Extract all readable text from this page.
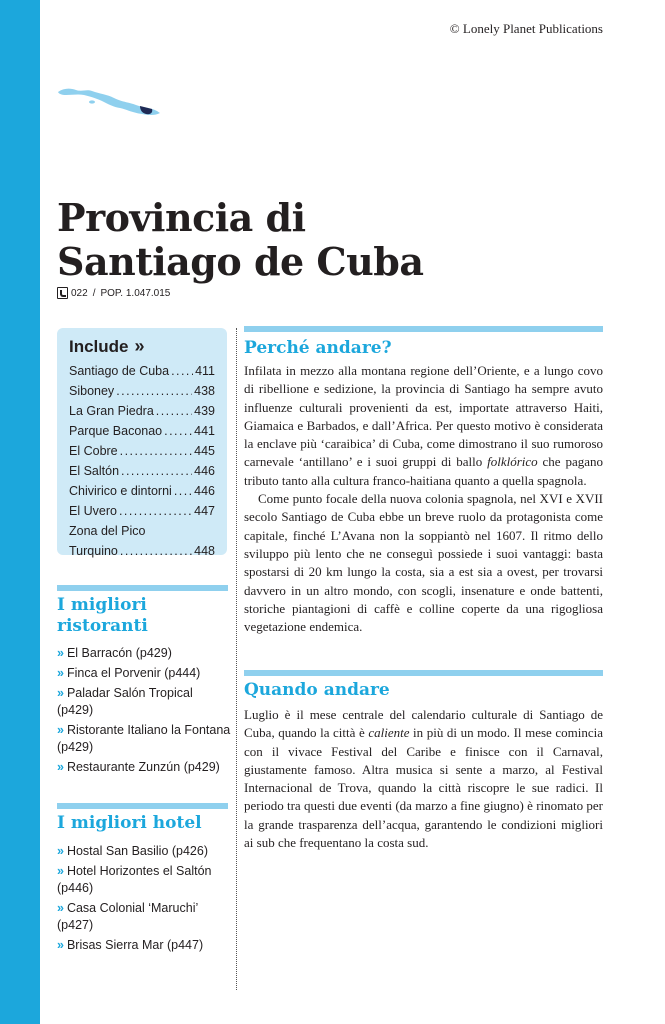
© Lonely Planet Publications
Provincia di
Santiago de Cuba
022 / POP. 1.047.015
Include »
Santiago de Cuba . . . 411
Siboney . . .	438
La Gran Piedra . . .	439
Parque Baconao . . .	441
El Cobre . . .	445
El Saltón . . .	446
Chivirico e dintorni . . . 446
El Uvero . . .	447
Zona del Pico
Turquino . . .	448
I migliori
ristoranti
» El Barracón (p429)
» Finca el Porvenir (p444)
» Paladar Salón Tropical (p429)
» Ristorante Italiano la Fontana (p429)
» Restaurante Zunzún (p429)
I migliori hotel
» Hostal San Basilio (p426)
» Hotel Horizontes el Saltón (p446)
» Casa Colonial ‘Maruchi’ (p427)
» Brisas Sierra Mar (p447)
Perché andare?

Infilata in mezzo alla montana regione dell’Oriente, e a lungo covo di ribellione e sedizione, la provincia di Santiago ha sempre avuto influenze culturali provenienti da est, importate attraverso Haiti, Giamaica e Barbados, e dall’Africa. Per questo motivo è considerata la enclave più ‘caraibica’ di Cuba, come dimostrano il suo rumoroso carnevale ‘antillano’ e i suoi gruppi di ballo folklórico che pagano tributo tanto alla cultura franco-haitiana quanto a quella spagnola.

Come punto focale della nuova colonia spagnola, nel XVI e XVII secolo Santiago de Cuba ebbe un breve ruolo da protagonista come capitale, finché L’Avana non la soppiantò nel 1607. Il ritmo dello sviluppo più lento che ne conseguì possiede i suoi vantaggi: basta spostarsi di 20 km lungo la costa, sia a est sia a ovest, per trovarsi davvero in un altro mondo, con scogli, insenature e onde battenti, storiche piantagioni di caffè e colline coperte da una rigogliosa vegetazione endemica.

Quando andare

Luglio è il mese centrale del calendario culturale di Santiago de Cuba, quando la città è caliente in più di un modo. Il mese comincia con il vivace Festival del Caribe e finisce con il Carnaval, giustamente famoso. Altra musica si sente a marzo, al Festival Internacional de Trova, quando la città riscopre le sue radici. Il periodo tra questi due eventi (da marzo a fine giugno) è rinomato per la grande trasparenza dell’acqua, garantendo le condizioni migliori ai sub che frequentano la costa sud.
